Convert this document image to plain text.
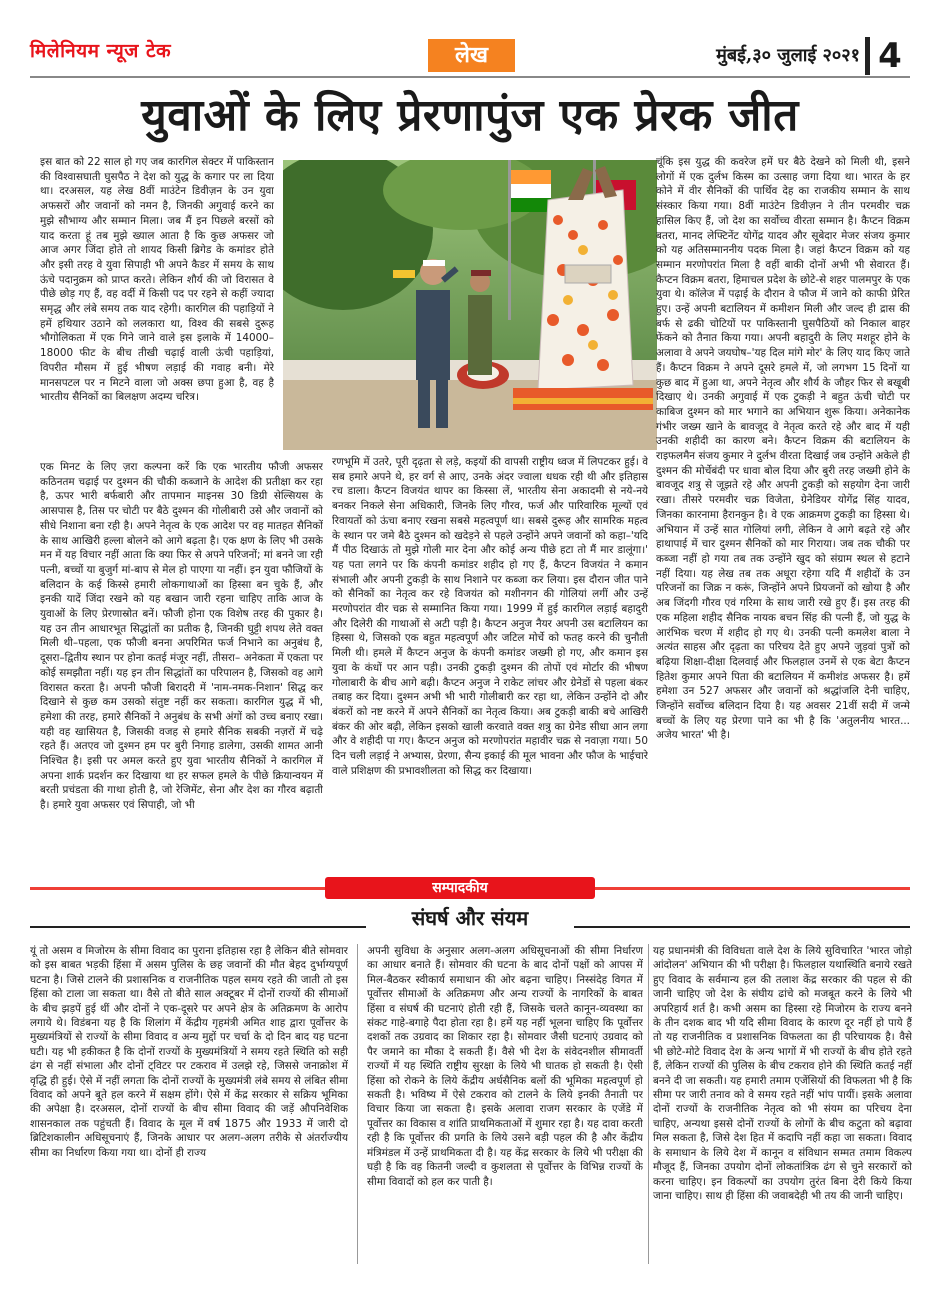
मिलेनियम न्यूज टेक	लेख	मुंबई,३० जुलाई २०२१ 4
युवाओं के लिए प्रेरणापुंज एक प्रेरक जीत

इस बात को 22 साल हो गए जब कारगिल सेक्टर में पाकिस्तान की विश्वासघाती घुसपैठ ने देश को युद्ध के कगार पर ला दिया था। दरअसल, यह लेख 8वीं माउंटेन डिवीज़न के उन युवा अफसरों और जवानों को नमन है, जिनकी अगुवाई करने का मुझे सौभाग्य और सम्मान मिला। जब मैं इन पिछले बरसों को याद करता हूं तब मुझे ख्याल आता है कि कुछ अफसर जो आज अगर जिंदा होते तो शायद किसी ब्रिगेड के कमांडर होते और इसी तरह वे युवा सिपाही भी अपने कैडर में समय के साथ ऊंचे पदानुक्रम को प्राप्त करते। लेकिन शौर्य की जो विरासत वे पीछे छोड़ गए हैं, वह वर्दी में किसी पद पर रहने से कहीं ज्यादा समृद्ध और लंबे समय तक याद रहेगी। कारगिल की पहाड़ियों ने हमें हथियार उठाने को ललकारा था, विश्व की सबसे दुरूह भौगोलिकता में एक गिने जाने वाले इस इलाके में 14000–18000 फीट के बीच तीखी चढ़ाई वाली ऊंची पहाड़ियां, विपरीत मौसम में हुई भीषण लड़ाई की गवाह बनी। मेरे मानसपटल पर न मिटने वाला जो अक्स छपा हुआ है, वह है भारतीय सैनिकों का बिलक्षण अदम्य चरित्र।

एक मिनट के लिए ज़रा कल्पना करें कि एक भारतीय फौजी अफसर कठिनतम चढ़ाई पर दुश्मन की चौकी कब्जाने के आदेश की प्रतीक्षा कर रहा है, ऊपर भारी बर्फबारी और तापमान माइनस 30 डिग्री सेल्सियस के आसपास है, तिस पर चोटी पर बैठे दुश्मन की गोलीबारी उसे और जवानों को सीधे निशाना बना रही है। अपने नेतृत्व के एक आदेश पर वह मातहत सैनिकों के साथ आखिरी हल्ला बोलने को आगे बढ़ता है। एक क्षण के लिए भी उसके मन में यह विचार नहीं आता कि क्या फिर से अपने परिजनों; मां बनने जा रही पत्नी, बच्चों या बुजुर्ग मां-बाप से मेल हो पाएगा या नहीं। इन युवा फौजियों के बलिदान के कई किस्से हमारी लोकगाथाओं का हिस्सा बन चुके हैं, और इनकी यादें जिंदा रखने को यह बखान जारी रहना चाहिए ताकि आज के युवाओं के लिए प्रेरणास्रोत बनें। फौजी होना एक विशेष तरह की पुकार है। यह उन तीन आधारभूत सिद्धांतों का प्रतीक है, जिनकी घुट्टी शपथ लेते वक्त मिली थी–पहला, एक फौजी बनना अपरिमित फर्ज निभाने का अनुबंध है, दूसरा–द्वितीय स्थान पर होना कतई मंजूर नहीं, तीसरा– अनेकता में एकता पर कोई समझौता नहीं। यह इन तीन सिद्धांतों का परिपालन है, जिसको वह आगे विरासत करता है। अपनी फौजी बिरादरी में 'नाम-नमक-निशान' सिद्ध कर दिखाने से कुछ कम उसको संतुष्ट नहीं कर सकता। कारगिल युद्ध में भी, हमेशा की तरह, हमारे सैनिकों ने अनुबंध के सभी अंगों को उच्च बनाए रखा। यही वह खासियत है, जिसकी वजह से हमारे सैनिक सबकी नज़रों में चढ़े रहते हैं। अतएव जो दुश्मन हम पर बुरी निगाह डालेगा, उसकी शामत आनी निश्चित है। इसी पर अमल करते हुए युवा भारतीय सैनिकों ने कारगिल में अपना शार्क प्रदर्शन कर दिखाया था हर सफल हमले के पीछे क्रियान्वयन में बरती प्रचंडता की गाथा होती है, जो रेजिमेंट, सेना और देश का गौरव बढ़ाती है। हमारे युवा अफसर एवं सिपाही, जो भी

रणभूमि में उतरे, पूरी दृढ़ता से लड़े, कइयों की वापसी राष्ट्रीय ध्वज में लिपटकर हुई। वे सब हमारे अपने थे, हर वर्ग से आए, उनके अंदर ज्वाला धधक रही थी और इतिहास रच डाला। कैप्टन विजयंत थापर का किस्सा लें, भारतीय सेना अकादमी से नये-नये बनकर निकले सेना अधिकारी, जिनके लिए गौरव, फर्ज और पारिवारिक मूल्यों एवं रिवायतों को ऊंचा बनाए रखना सबसे महत्वपूर्ण था। सबसे दुरूह और सामरिक महत्व के स्थान पर जमे बैठे दुश्मन को खदेड़ने से पहले उन्होंने अपने जवानों को कहा–'यदि मैं पीठ दिखाऊं तो मुझे गोली मार देना और कोई अन्य पीछे हटा तो मैं मार डालूंगा।' यह पता लगने पर कि कंपनी कमांडर शहीद हो गए हैं, कैप्टन विजयंत ने कमान संभाली और अपनी टुकड़ी के साथ निशाने पर कब्जा कर लिया। इस दौरान जीत पाने को सैनिकों का नेतृत्व कर रहे विजयंत को मशीनगन की गोलियां लगीं और उन्हें मरणोपरांत वीर चक्र से सम्मानित किया गया। 1999 में हुई कारगिल लड़ाई बहादुरी और दिलेरी की गाथाओं से अटी पड़ी है। कैप्टन अनुज नैयर अपनी उस बटालियन का हिस्सा थे, जिसको एक बहुत महत्वपूर्ण और जटिल मोर्चे को फतह करने की चुनौती मिली थी। हमले में कैप्टन अनुज के कंपनी कमांडर जख्मी हो गए, और कमान इस युवा के कंधों पर आन पड़ी। उनकी टुकड़ी दुश्मन की तोपों एवं मोर्टार की भीषण गोलाबारी के बीच आगे बढ़ी। कैप्टन अनुज ने राकेट लांचर और ग्रेनेडों से पहला बंकर तबाह कर दिया। दुश्मन अभी भी भारी गोलीबारी कर रहा था, लेकिन उन्होंने दो और बंकरों को नष्ट करने में अपने सैनिकों का नेतृत्व किया। अब टुकड़ी बाकी बचे आखिरी बंकर की ओर बढ़ी, लेकिन इसको खाली करवाते वक्त शत्रु का ग्रेनेड सीधा आन लगा और वे शहीदी पा गए। कैप्टन अनुज को मरणोपरांत महावीर चक्र से नवाज़ा गया। 50 दिन चली लड़ाई ने अभ्यास, प्रेरणा, सैन्य इकाई की मूल भावना और फौज के भाईचारे वाले प्रशिक्षण की प्रभावशीलता को सिद्ध कर दिखाया।

चूंकि इस युद्ध की कवरेज हमें घर बैठे देखने को मिली थी, इसने लोगों में एक दुर्लभ किस्म का उत्साह जगा दिया था। भारत के हर कोने में वीर सैनिकों की पार्थिव देह का राजकीय सम्मान के साथ संस्कार किया गया। 8वीं माउंटेन डिवीज़न ने तीन परमवीर चक्र हासिल किए हैं, जो देश का सर्वोच्च वीरता सम्मान है। कैप्टन विक्रम बतरा, मानद लेफ्टिनेंट योगेंद्र यादव और सूबेदार मेजर संजय कुमार को यह अतिसम्माननीय पदक मिला है। जहां कैप्टन विक्रम को यह सम्मान मरणोपरांत मिला है वहीं बाकी दोनों अभी भी सेवारत हैं। कैप्टन विक्रम बतरा, हिमाचल प्रदेश के छोटे-से शहर पालमपुर के एक युवा थे। कॉलेज में पढ़ाई के दौरान वे फौज में जाने को काफी प्रेरित हुए। उन्हें अपनी बटालियन में कमीशन मिली और जल्द ही द्रास की बर्फ से ढकी चोटियों पर पाकिस्तानी घुसपैठियों को निकाल बाहर फेंकने को तैनात किया गया। अपनी बहादुरी के लिए मशहूर होने के अलावा वे अपने जयघोष–'यह दिल मांगे मोर' के लिए याद किए जाते हैं। कैप्टन विक्रम ने अपने दूसरे हमले में, जो लगभग 15 दिनों या कुछ बाद में हुआ था, अपने नेतृत्व और शौर्य के जौहर फिर से बखूबी दिखाए थे। उनकी अगुवाई में एक टुकड़ी ने बहुत ऊंची चोटी पर काबिज दुश्मन को मार भगाने का अभियान शुरू किया। अनेकानेक गंभीर जख्म खाने के बावजूद वे नेतृत्व करते रहे और बाद में यही उनकी शहीदी का कारण बने। कैप्टन विक्रम की बटालियन के राइफलमैन संजय कुमार ने दुर्लभ वीरता दिखाई जब उन्होंने अकेले ही दुश्मन की मोर्चेबंदी पर धावा बोल दिया और बुरी तरह जख्मी होने के बावजूद शत्रु से जूझते रहे और अपनी टुकड़ी को सहयोग देना जारी रखा। तीसरे परमवीर चक्र विजेता, ग्रेनेडियर योगेंद्र सिंह यादव, जिनका कारनामा हैरानकुन है। वे एक आक्रमण टुकड़ी का हिस्सा थे। अभियान में उन्हें सात गोलियां लगी, लेकिन वे आगे बढ़ते रहे और हाथापाई में चार दुश्मन सैनिकों को मार गिराया। जब तक चौकी पर कब्जा नहीं हो गया तब तक उन्होंने खुद को संग्राम स्थल से हटाने नहीं दिया। यह लेख तब तक अधूरा रहेगा यदि मैं शहीदों के उन परिजनों का जिक्र न करूं, जिन्होंने अपने प्रियजनों को खोया है और अब जिंदगी गौरव एवं गरिमा के साथ जारी रखे हुए हैं। इस तरह की एक महिला शहीद सैनिक नायक बचन सिंह की पत्नी हैं, जो युद्ध के आरंभिक चरण में शहीद हो गए थे। उनकी पत्नी कमलेश बाला ने अत्यंत साहस और दृढ़ता का परिचय देते हुए अपने जुड़वां पुत्रों को बढ़िया शिक्षा-दीक्षा दिलवाई और फिलहाल उनमें से एक बेटा कैप्टन हितेश कुमार अपने पिता की बटालियन में कमीशंड अफसर है। हमें हमेशा उन 527 अफसर और जवानों को श्रद्धांजलि देनी चाहिए, जिन्होंने सर्वोच्च बलिदान दिया है। यह अवसर 21वीं सदी में जन्मे बच्चों के लिए यह प्रेरणा पाने का भी है कि 'अतुलनीय भारत... अजेय भारत' भी है।

सम्पादकीय
संघर्ष और संयम

यूं तो असम व मिजोरम के सीमा विवाद का पुराना इतिहास रहा है लेकिन बीते सोमवार को इस बाबत भड़की हिंसा में असम पुलिस के छह जवानों की मौत बेहद दुर्भाग्यपूर्ण घटना है। जिसे टालने की प्रशासनिक व राजनीतिक पहल समय रहते की जाती तो इस हिंसा को टाला जा सकता था। वैसे तो बीते साल अक्टूबर में दोनों राज्यों की सीमाओं के बीच झड़पें हुई थीं और दोनों ने एक-दूसरे पर अपने क्षेत्र के अतिक्रमण के आरोप लगाये थे। विडंबना यह है कि शिलांग में केंद्रीय गृहमंत्री अमित शाह द्वारा पूर्वोत्तर के मुख्यमंत्रियों से राज्यों के सीमा विवाद व अन्य मुद्दों पर चर्चा के दो दिन बाद यह घटना घटी। यह भी हकीकत है कि दोनों राज्यों के मुख्यमंत्रियों ने समय रहते स्थिति को सही ढंग से नहीं संभाला और दोनों ट्विटर पर टकराव में उलझे रहे, जिससे जनाक्रोश में वृद्धि ही हुई। ऐसे में नहीं लगता कि दोनों राज्यों के मुख्यमंत्री लंबे समय से लंबित सीमा विवाद को अपने बूते हल करने में सक्षम होंगे। ऐसे में केंद्र सरकार से सक्रिय भूमिका की अपेक्षा है। दरअसल, दोनों राज्यों के बीच सीमा विवाद की जड़ें औपनिवेशिक शासनकाल तक पहुंचती हैं। विवाद के मूल में वर्ष 1875 और 1933 में जारी दो ब्रिटिशकालीन अधिसूचनाएं हैं, जिनके आधार पर अलग-अलग तरीके से अंतर्राज्यीय सीमा का निर्धारण किया गया था। दोनों ही राज्य

अपनी सुविधा के अनुसार अलग-अलग अधिसूचनाओं की सीमा निर्धारण का आधार बनाते हैं। सोमवार की घटना के बाद दोनों पक्षों को आपस में मिल-बैठकर स्वीकार्य समाधान की ओर बढ़ना चाहिए। निस्संदेह विगत में पूर्वोत्तर सीमाओं के अतिक्रमण और अन्य राज्यों के नागरिकों के बाबत हिंसा व संघर्ष की घटनाएं होती रही हैं, जिसके चलते कानून-व्यवस्था का संकट गाहे-बगाहे पैदा होता रहा है। हमें यह नहीं भूलना चाहिए कि पूर्वोत्तर दशकों तक उग्रवाद का शिकार रहा है। सोमवार जैसी घटनाएं उग्रवाद को पैर जमाने का मौका दे सकती हैं। वैसे भी देश के संवेदनशील सीमावर्ती राज्यों में यह स्थिति राष्ट्रीय सुरक्षा के लिये भी घातक हो सकती है। ऐसी हिंसा को रोकने के लिये केंद्रीय अर्धसैनिक बलों की भूमिका महत्वपूर्ण हो सकती है। भविष्य में ऐसे टकराव को टालने के लिये इनकी तैनाती पर विचार किया जा सकता है। इसके अलावा राजग सरकार के एजेंडे में पूर्वोत्तर का विकास व शांति प्राथमिकताओं में शुमार रहा है। यह दावा करती रही है कि पूर्वोत्तर की प्रगति के लिये उसने बड़ी पहल की है और केंद्रीय मंत्रिमंडल में उन्हें प्राथमिकता दी है। यह केंद्र सरकार के लिये भी परीक्षा की घड़ी है कि वह कितनी जल्दी व कुशलता से पूर्वोत्तर के विभिन्न राज्यों के सीमा विवादों को हल कर पाती है।

यह प्रधानमंत्री की विविधता वाले देश के लिये सुविचारित 'भारत जोड़ो आंदोलन' अभियान की भी परीक्षा है। फिलहाल यथास्थिति बनाये रखते हुए विवाद के सर्वमान्य हल की तलाश केंद्र सरकार की पहल से की जानी चाहिए जो देश के संघीय ढांचे को मजबूत करने के लिये भी अपरिहार्य शर्त है। कभी असम का हिस्सा रहे मिजोरम के राज्य बनने के तीन दशक बाद भी यदि सीमा विवाद के कारण दूर नहीं हो पाये हैं तो यह राजनीतिक व प्रशासनिक विफलता का ही परिचायक है। वैसे भी छोटे-मोटे विवाद देश के अन्य भागों में भी राज्यों के बीच होते रहते हैं, लेकिन राज्यों की पुलिस के बीच टकराव होने की स्थिति कतई नहीं बनने दी जा सकती। यह हमारी तमाम एजेंसियों की विफलता भी है कि सीमा पर जारी तनाव को वे समय रहते नहीं भांप पायीं। इसके अलावा दोनों राज्यों के राजनीतिक नेतृत्व को भी संयम का परिचय देना चाहिए, अन्यथा इससे दोनों राज्यों के लोगों के बीच कटुता को बढ़ावा मिल सकता है, जिसे देश हित में कदापि नहीं कहा जा सकता। विवाद के समाधान के लिये देश में कानून व संविधान सम्मत तमाम विकल्प मौजूद हैं, जिनका उपयोग दोनों लोकतांत्रिक ढंग से चुने सरकारों को करना चाहिए। इन विकल्पों का उपयोग तुरंत बिना देरी किये किया जाना चाहिए। साथ ही हिंसा की जवाबदेही भी तय की जानी चाहिए।
